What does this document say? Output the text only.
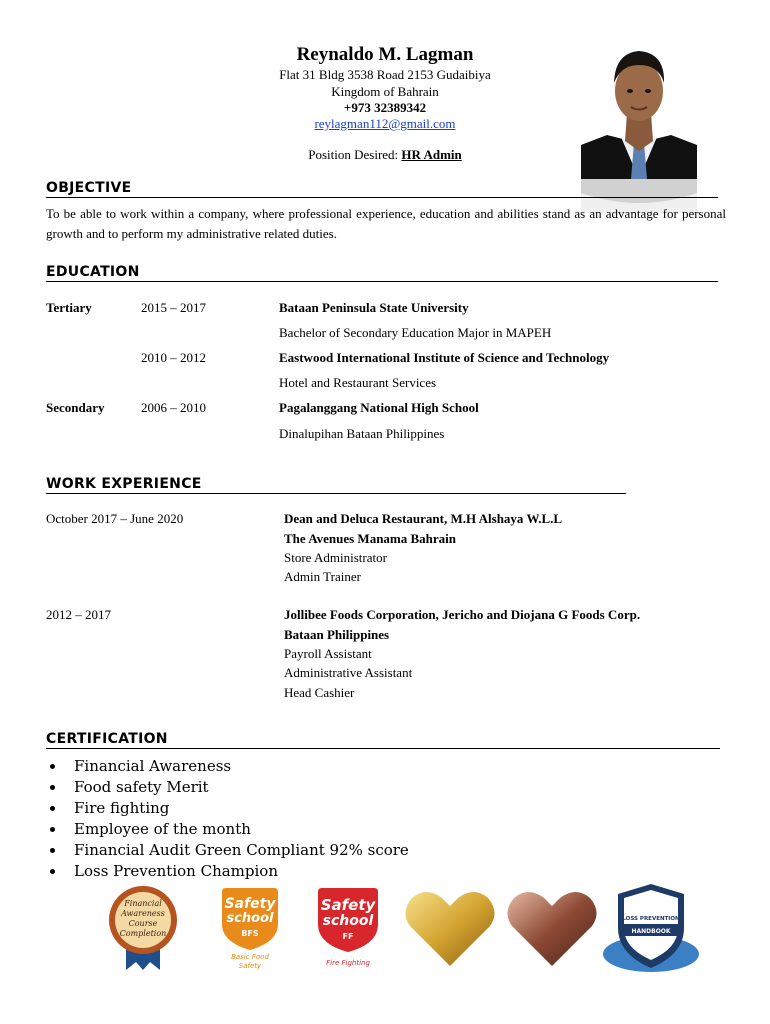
Reynaldo M. Lagman
Flat 31 Bldg 3538 Road 2153 Gudaibiya
Kingdom of Bahrain
+973 32389342
reylagman112@gmail.com
Position Desired: HR Admin
OBJECTIVE
To be able to work within a company, where professional experience, education and abilities stand as an advantage for personal growth and to perform my administrative related duties.
EDUCATION
Tertiary	2015 – 2017	Bataan Peninsula State University
Bachelor of Secondary Education Major in MAPEH
2010 – 2012	Eastwood International Institute of Science and Technology
Hotel and Restaurant Services
Secondary	2006 – 2010	Pagalanggang National High School
Dinalupihan Bataan Philippines
WORK EXPERIENCE
October 2017 – June 2020	Dean and Deluca Restaurant, M.H Alshaya W.L.L
The Avenues Manama Bahrain
Store Administrator
Admin Trainer
2012 – 2017	Jollibee Foods Corporation, Jericho and Diojana G Foods Corp.
Bataan Philippines
Payroll Assistant
Administrative Assistant
Head Cashier
CERTIFICATION
• Financial Awareness
• Food safety Merit
• Fire fighting
• Employee of the month
• Financial Audit Green Compliant 92% score
• Loss Prevention Champion
Financial
Awareness
Course
Completion
Safety
school
BFS
Basic Food
Safety
Safety
school
FF
Fire Fighting
LOSS PREVENTION
HANDBOOK
